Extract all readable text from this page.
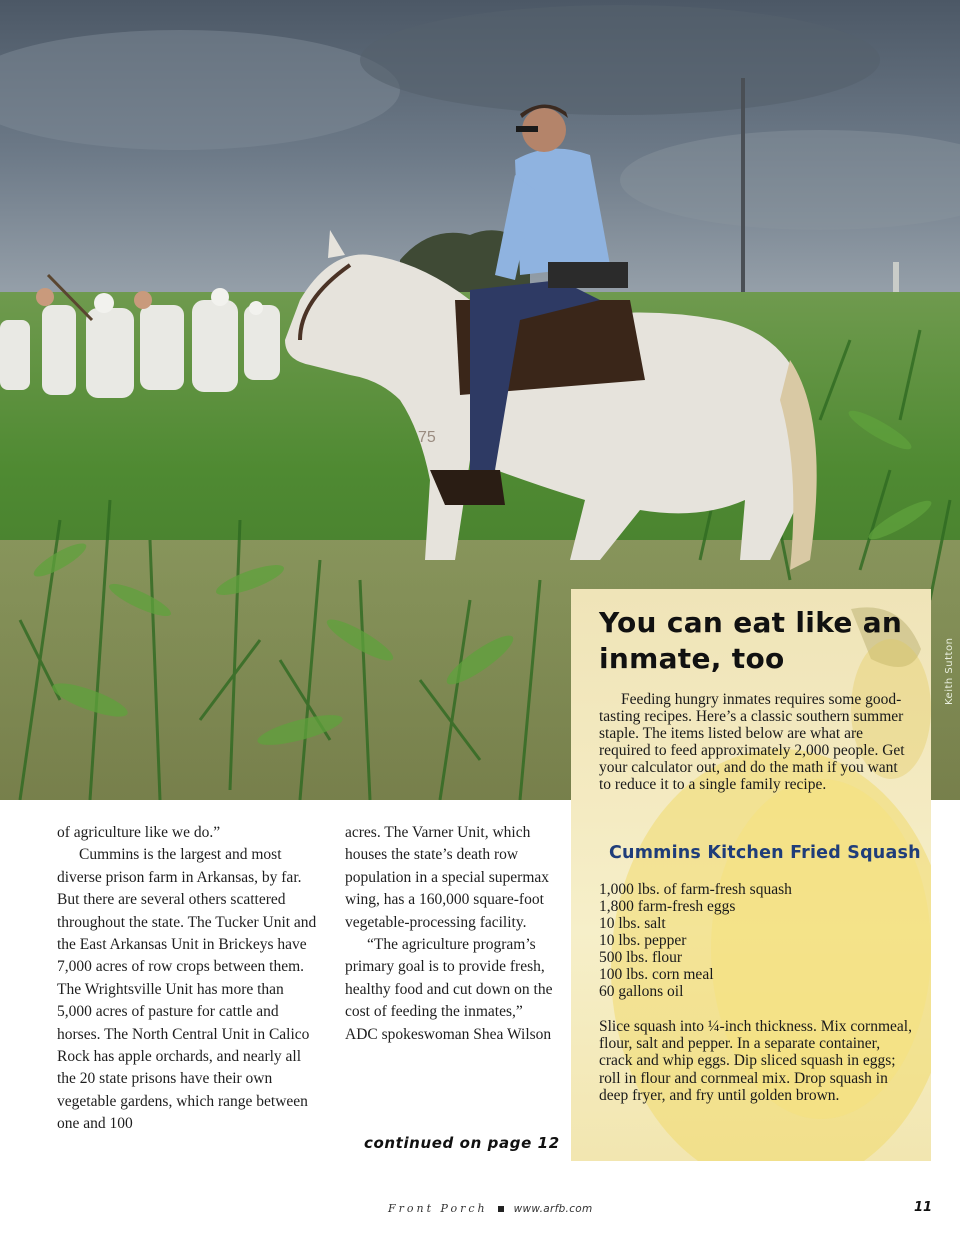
75
Keith Sutton

of agriculture like we do.”

Cummins is the largest and most diverse prison farm in Arkansas, by far. But there are several others scattered throughout the state. The Tucker Unit and the East Arkansas Unit in Brickeys have 7,000 acres of row crops between them. The Wrightsville Unit has more than 5,000 acres of pasture for cattle and horses. The North Central Unit in Calico Rock has apple orchards, and nearly all the 20 state prisons have their own vegetable gardens, which range between one and 100

acres. The Varner Unit, which houses the state’s death row population in a special supermax wing, has a 160,000 square-foot vegetable-processing facility.

“The agriculture program’s primary goal is to provide fresh, healthy food and cut down on the cost of feeding the inmates,” ADC spokeswoman Shea Wilson

continued on page 12
You can eat like an inmate, too

Feeding hungry inmates requires some good-tasting recipes. Here’s a classic southern summer staple. The items listed below are what are required to feed approximately 2,000 people. Get your calculator out, and do the math if you want to reduce it to a single family recipe.

Cummins Kitchen Fried Squash
1,000 lbs. of farm-fresh squash
1,800 farm-fresh eggs
10 lbs. salt
10 lbs. pepper
500 lbs. flour
100 lbs. corn meal
60 gallons oil

Slice squash into ¼-inch thickness. Mix cornmeal, flour, salt and pepper. In a separate container, crack and whip eggs. Dip sliced squash in eggs; roll in flour and cornmeal mix. Drop squash in deep fryer, and fry until golden brown.

Front Porch www.arfb.com	11
